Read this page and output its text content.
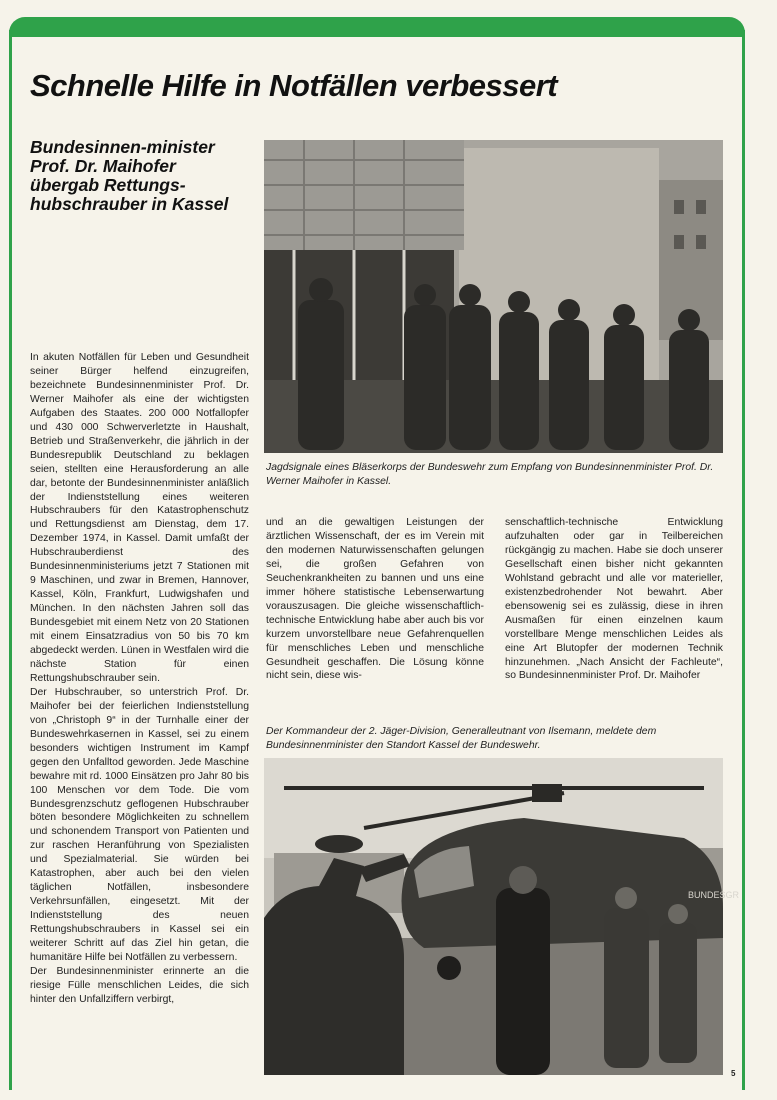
Schnelle Hilfe in Notfällen verbessert
Bundesinnen-minister Prof. Dr. Maihofer übergab Rettungs-hubschrauber in Kassel

In akuten Notfällen für Leben und Gesundheit seiner Bürger helfend einzugreifen, bezeichnete Bundesinnenminister Prof. Dr. Werner Maihofer als eine der wichtigsten Aufgaben des Staates. 200 000 Notfallopfer und 430 000 Schwerverletzte in Haushalt, Betrieb und Straßenverkehr, die jährlich in der Bundesrepublik Deutschland zu beklagen seien, stellten eine Herausforderung an alle dar, betonte der Bundesinnenminister anläßlich der Indienststellung eines weiteren Hubschraubers für den Katastrophenschutz und Rettungsdienst am Dienstag, dem 17. Dezember 1974, in Kassel. Damit umfaßt der Hubschrauberdienst des Bundesinnenministeriums jetzt 7 Stationen mit 9 Maschinen, und zwar in Bremen, Hannover, Kassel, Köln, Frankfurt, Ludwigshafen und München. In den nächsten Jahren soll das Bundesgebiet mit einem Netz von 20 Stationen mit einem Einsatzradius von 50 bis 70 km abgedeckt werden. Lünen in Westfalen wird die nächste Station für einen Rettungshubschrauber sein.
Der Hubschrauber, so unterstrich Prof. Dr. Maihofer bei der feierlichen Indienststellung von „Christoph 9“ in der Turnhalle einer der Bundeswehrkasernen in Kassel, sei zu einem besonders wichtigen Instrument im Kampf gegen den Unfalltod geworden. Jede Maschine bewahre mit rd. 1000 Einsätzen pro Jahr 80 bis 100 Menschen vor dem Tode. Die vom Bundesgrenzschutz geflogenen Hubschrauber böten besondere Möglichkeiten zu schnellem und schonendem Transport von Patienten und zur raschen Heranführung von Spezialisten und Spezialmaterial. Sie würden bei Katastrophen, aber auch bei den vielen täglichen Notfällen, insbesondere Verkehrsunfällen, eingesetzt. Mit der Indienststellung des neuen Rettungshubschraubers in Kassel sei ein weiterer Schritt auf das Ziel hin getan, die humanitäre Hilfe bei Notfällen zu verbessern.
Der Bundesinnenminister erinnerte an die riesige Fülle menschlichen Leides, die sich hinter den Unfallziffern verbirgt,

Jagdsignale eines Bläserkorps der Bundeswehr zum Empfang von Bundesinnenminister Prof. Dr. Werner Maihofer in Kassel.

und an die gewaltigen Leistungen der ärztlichen Wissenschaft, der es im Verein mit den modernen Naturwissenschaften gelungen sei, die großen Gefahren von Seuchenkrankheiten zu bannen und uns eine immer höhere statistische Lebenserwartung vorauszusagen. Die gleiche wissenschaftlich-technische Entwicklung habe aber auch bis vor kurzem unvorstellbare neue Gefahrenquellen für menschliches Leben und menschliche Gesundheit geschaffen. Die Lösung könne nicht sein, diese wis-

senschaftlich-technische Entwicklung aufzuhalten oder gar in Teilbereichen rückgängig zu machen. Habe sie doch unserer Gesellschaft einen bisher nicht gekannten Wohlstand gebracht und alle vor materieller, existenzbedrohender Not bewahrt. Aber ebensowenig sei es zulässig, diese in ihren Ausmaßen für einen einzelnen kaum vorstellbare Menge menschlichen Leides als eine Art Blutopfer der modernen Technik hinzunehmen. „Nach Ansicht der Fachleute“, so Bundesinnenminister Prof. Dr. Maihofer

Der Kommandeur der 2. Jäger-Division, Generalleutnant von Ilsemann, meldete dem Bundesinnenminister den Standort Kassel der Bundeswehr.

BUNDESGR
5
